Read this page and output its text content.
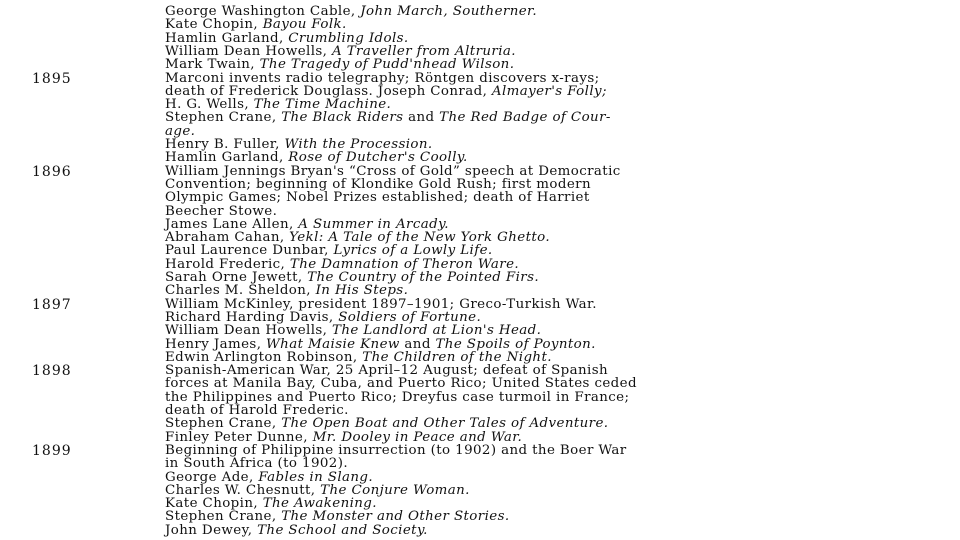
George Washington Cable, John March, Southerner.
Kate Chopin, Bayou Folk.
Hamlin Garland, Crumbling Idols.
William Dean Howells, A Traveller from Altruria.
Mark Twain, The Tragedy of Pudd'nhead Wilson.
1895	Marconi invents radio telegraphy; Röntgen discovers x-rays;
death of Frederick Douglass. Joseph Conrad, Almayer's Folly;
H. G. Wells, The Time Machine.
Stephen Crane, The Black Riders and The Red Badge of Cour-
age.
Henry B. Fuller, With the Procession.
Hamlin Garland, Rose of Dutcher's Coolly.
1896	William Jennings Bryan's “Cross of Gold” speech at Democratic
Convention; beginning of Klondike Gold Rush; first modern
Olympic Games; Nobel Prizes established; death of Harriet
Beecher Stowe.
James Lane Allen, A Summer in Arcady.
Abraham Cahan, Yekl: A Tale of the New York Ghetto.
Paul Laurence Dunbar, Lyrics of a Lowly Life.
Harold Frederic, The Damnation of Theron Ware.
Sarah Orne Jewett, The Country of the Pointed Firs.
Charles M. Sheldon, In His Steps.
1897	William McKinley, president 1897–1901; Greco-Turkish War.
Richard Harding Davis, Soldiers of Fortune.
William Dean Howells, The Landlord at Lion's Head.
Henry James, What Maisie Knew and The Spoils of Poynton.
Edwin Arlington Robinson, The Children of the Night.
1898	Spanish-American War, 25 April–12 August; defeat of Spanish
forces at Manila Bay, Cuba, and Puerto Rico; United States ceded
the Philippines and Puerto Rico; Dreyfus case turmoil in France;
death of Harold Frederic.
Stephen Crane, The Open Boat and Other Tales of Adventure.
Finley Peter Dunne, Mr. Dooley in Peace and War.
1899	Beginning of Philippine insurrection (to 1902) and the Boer War
in South Africa (to 1902).
George Ade, Fables in Slang.
Charles W. Chesnutt, The Conjure Woman.
Kate Chopin, The Awakening.
Stephen Crane, The Monster and Other Stories.
John Dewey, The School and Society.
